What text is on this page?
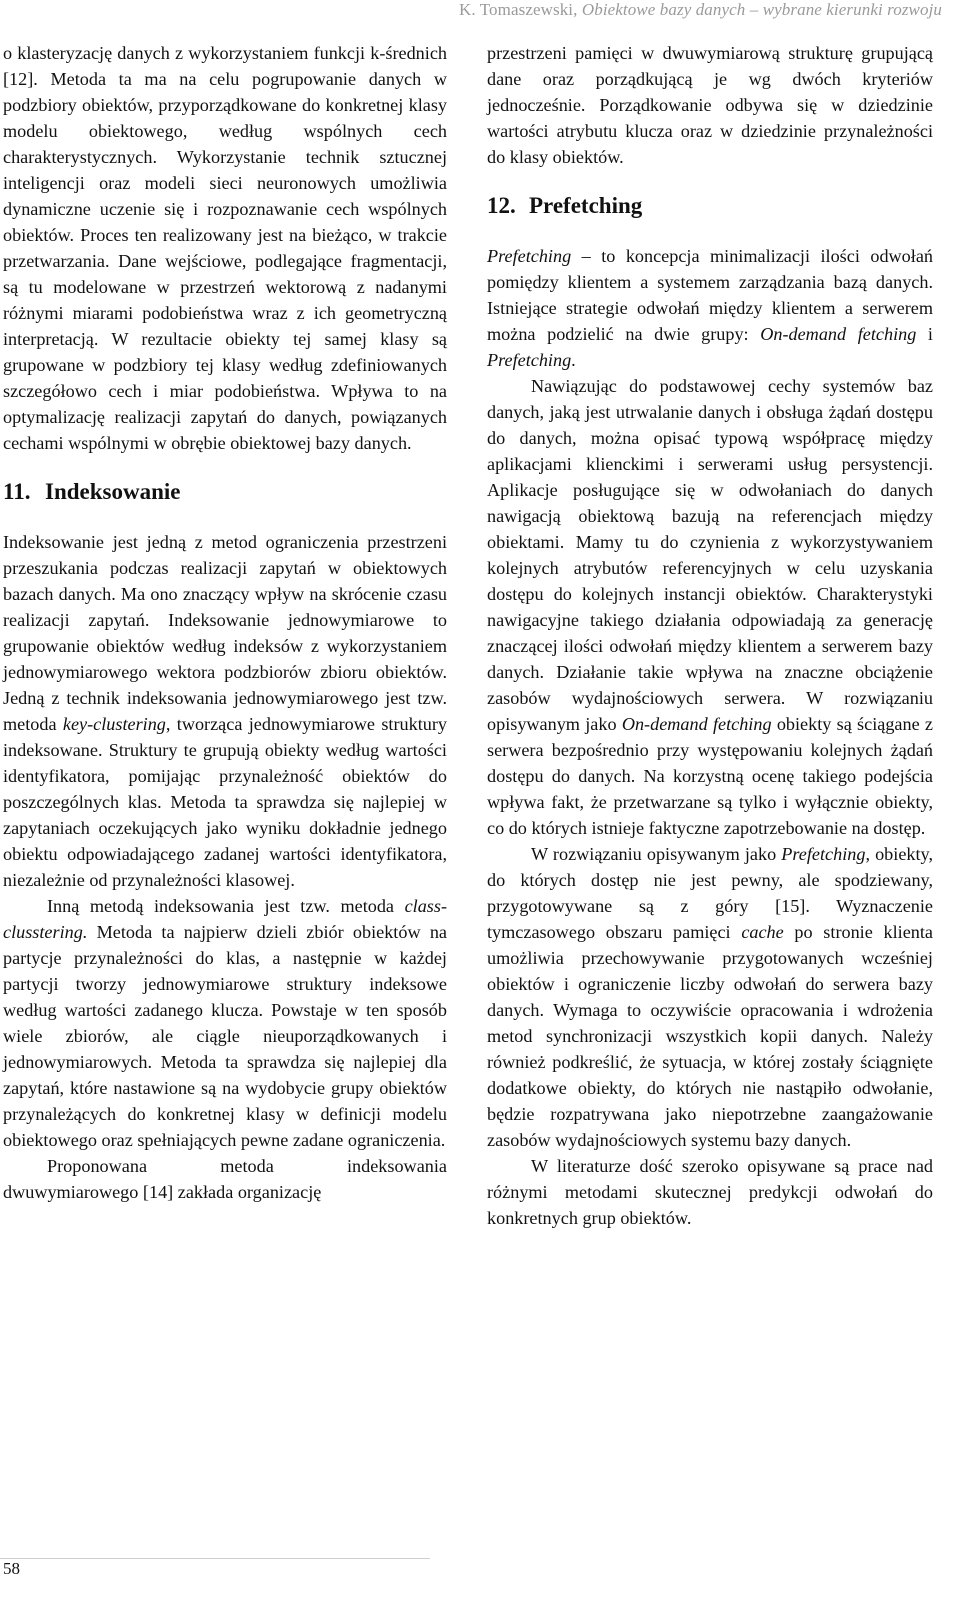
K. Tomaszewski, Obiektowe bazy danych – wybrane kierunki rozwoju

o klasteryzację danych z wykorzystaniem funkcji k-średnich [12]. Metoda ta ma na celu pogrupowanie danych w podzbiory obiektów, przyporządkowane do konkretnej klasy modelu obiektowego, według wspólnych cech charakterystycznych. Wykorzystanie technik sztucznej inteligencji oraz modeli sieci neuronowych umożliwia dynamiczne uczenie się i rozpoznawanie cech wspólnych obiektów. Proces ten realizowany jest na bieżąco, w trakcie przetwarzania. Dane wejściowe, podlegające fragmentacji, są tu modelowane w przestrzeń wektorową z nadanymi różnymi miarami podobieństwa wraz z ich geometryczną interpretacją. W rezultacie obiekty tej samej klasy są grupowane w podzbiory tej klasy według zdefiniowanych szczegółowo cech i miar podobieństwa. Wpływa to na optymalizację realizacji zapytań do danych, powiązanych cechami wspólnymi w obrębie obiektowej bazy danych.

11. Indeksowanie

Indeksowanie jest jedną z metod ograniczenia przestrzeni przeszukania podczas realizacji zapytań w obiektowych bazach danych. Ma ono znaczący wpływ na skrócenie czasu realizacji zapytań. Indeksowanie jednowymiarowe to grupowanie obiektów według indeksów z wykorzystaniem jednowymiarowego wektora podzbiorów zbioru obiektów. Jedną z technik indeksowania jednowymiarowego jest tzw. metoda key-clustering, tworząca jednowymiarowe struktury indeksowane. Struktury te grupują obiekty według wartości identyfikatora, pomijając przynależność obiektów do poszczególnych klas. Metoda ta sprawdza się najlepiej w zapytaniach oczekujących jako wyniku dokładnie jednego obiektu odpowiadającego zadanej wartości identyfikatora, niezależnie od przynależności klasowej.

Inną metodą indeksowania jest tzw. metoda class-clusstering. Metoda ta najpierw dzieli zbiór obiektów na partycje przynależności do klas, a następnie w każdej partycji tworzy jednowymiarowe struktury indeksowe według wartości zadanego klucza. Powstaje w ten sposób wiele zbiorów, ale ciągle nieuporządkowanych i jednowymiarowych. Metoda ta sprawdza się najlepiej dla zapytań, które nastawione są na wydobycie grupy obiektów przynależących do konkretnej klasy w definicji modelu obiektowego oraz spełniających pewne zadane ograniczenia.

Proponowana metoda indeksowania dwuwymiarowego [14] zakłada organizację

przestrzeni pamięci w dwuwymiarową strukturę grupującą dane oraz porządkującą je wg dwóch kryteriów jednocześnie. Porządkowanie odbywa się w dziedzinie wartości atrybutu klucza oraz w dziedzinie przynależności do klasy obiektów.

12. Prefetching

Prefetching – to koncepcja minimalizacji ilości odwołań pomiędzy klientem a systemem zarządzania bazą danych. Istniejące strategie odwołań między klientem a serwerem można podzielić na dwie grupy: On-demand fetching i Prefetching.

Nawiązując do podstawowej cechy systemów baz danych, jaką jest utrwalanie danych i obsługa żądań dostępu do danych, można opisać typową współpracę między aplikacjami klienckimi i serwerami usług persystencji. Aplikacje posługujące się w odwołaniach do danych nawigacją obiektową bazują na referencjach między obiektami. Mamy tu do czynienia z wykorzystywaniem kolejnych atrybutów referencyjnych w celu uzyskania dostępu do kolejnych instancji obiektów. Charakterystyki nawigacyjne takiego działania odpowiadają za generację znaczącej ilości odwołań między klientem a serwerem bazy danych. Działanie takie wpływa na znaczne obciążenie zasobów wydajnościowych serwera. W rozwiązaniu opisywanym jako On-demand fetching obiekty są ściągane z serwera bezpośrednio przy występowaniu kolejnych żądań dostępu do danych. Na korzystną ocenę takiego podejścia wpływa fakt, że przetwarzane są tylko i wyłącznie obiekty, co do których istnieje faktyczne zapotrzebowanie na dostęp.

W rozwiązaniu opisywanym jako Prefetching, obiekty, do których dostęp nie jest pewny, ale spodziewany, przygotowywane są z góry [15]. Wyznaczenie tymczasowego obszaru pamięci cache po stronie klienta umożliwia przechowywanie przygotowanych wcześniej obiektów i ograniczenie liczby odwołań do serwera bazy danych. Wymaga to oczywiście opracowania i wdrożenia metod synchronizacji wszystkich kopii danych. Należy również podkreślić, że sytuacja, w której zostały ściągnięte dodatkowe obiekty, do których nie nastąpiło odwołanie, będzie rozpatrywana jako niepotrzebne zaangażowanie zasobów wydajnościowych systemu bazy danych.

W literaturze dość szeroko opisywane są prace nad różnymi metodami skutecznej predykcji odwołań do konkretnych grup obiektów.

58
